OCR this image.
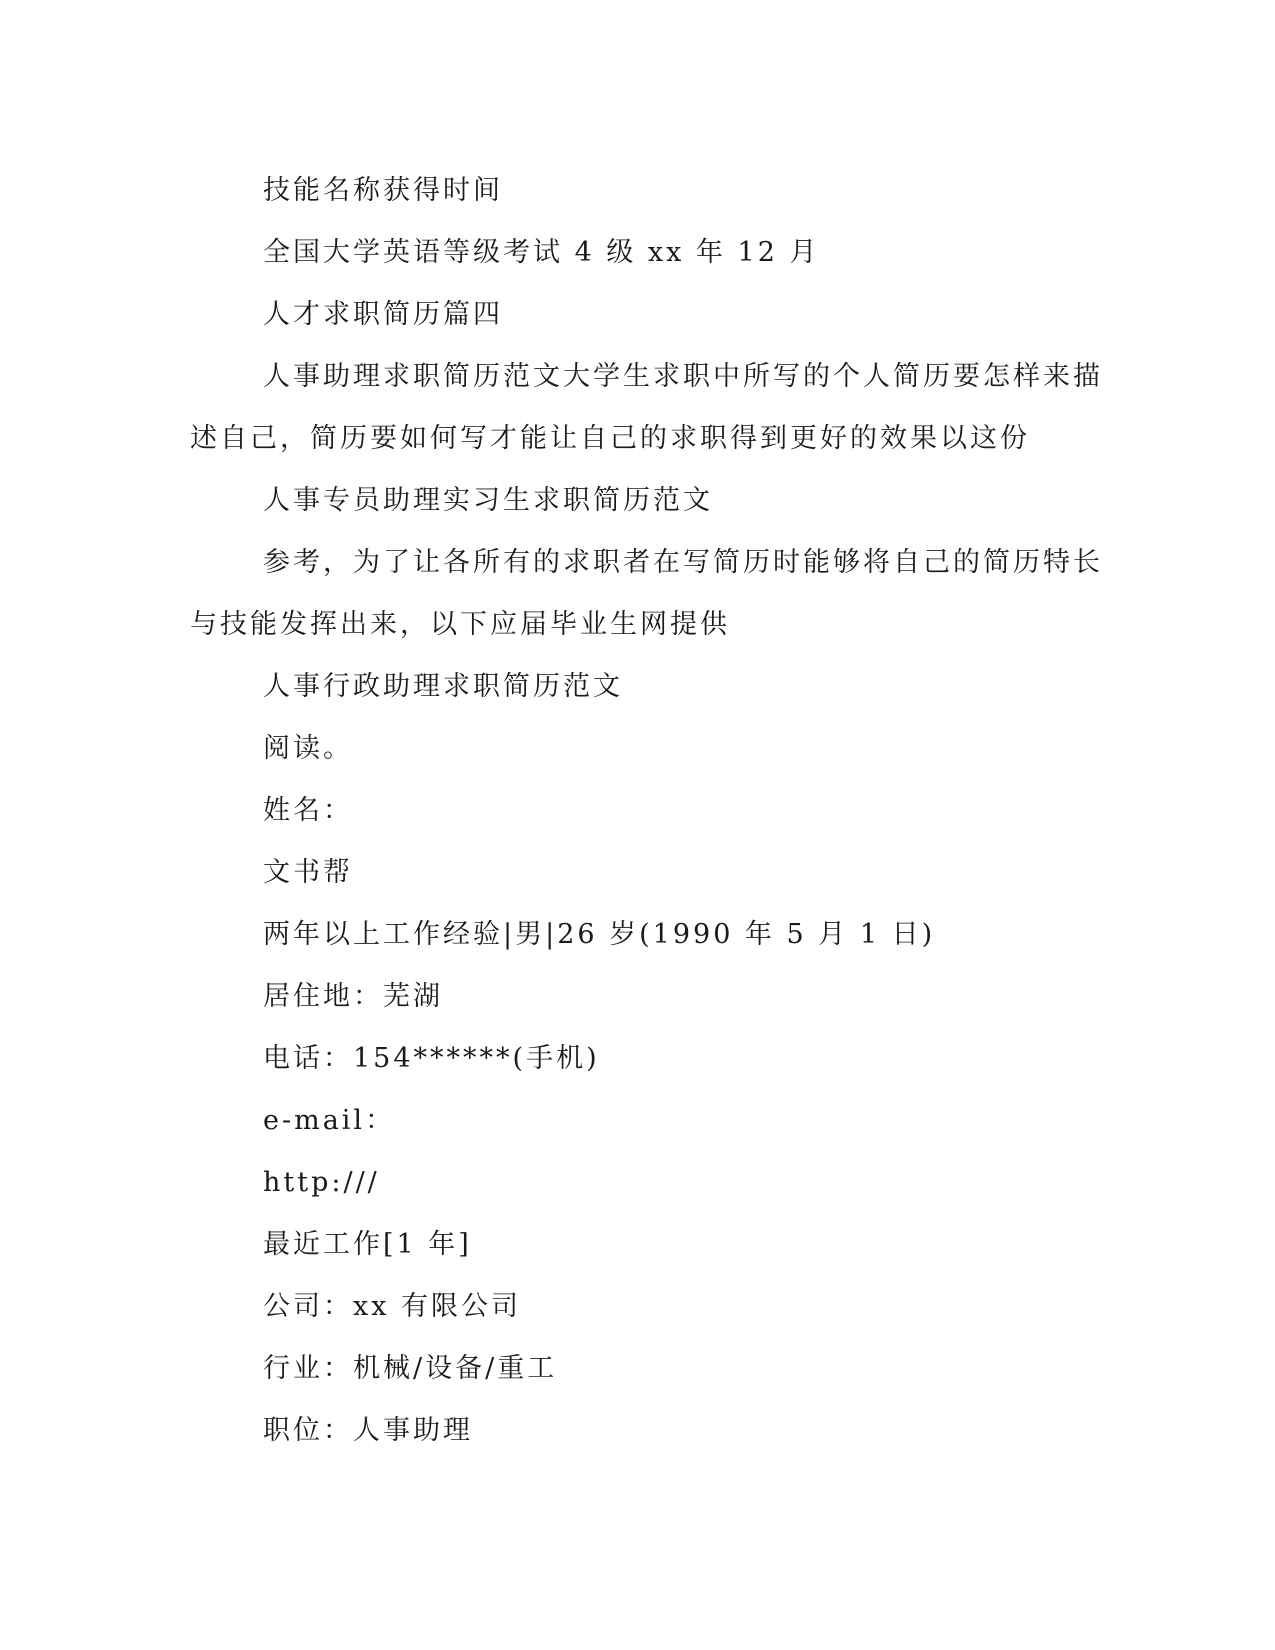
技能名称获得时间
全国大学英语等级考试 4 级 xx 年 12 月
人才求职简历篇四
人事助理求职简历范文大学生求职中所写的个人简历要怎样来描
述自己，简历要如何写才能让自己的求职得到更好的效果以这份
人事专员助理实习生求职简历范文
参考，为了让各所有的求职者在写简历时能够将自己的简历特长
与技能发挥出来，以下应届毕业生网提供
人事行政助理求职简历范文
阅读。
姓名：
文书帮
两年以上工作经验|男|26 岁(1990 年 5 月 1 日)
居住地：芜湖
电话：154******(手机)
e-mail：
http:///
最近工作[1 年]
公司：xx 有限公司
行业：机械/设备/重工
职位：人事助理
